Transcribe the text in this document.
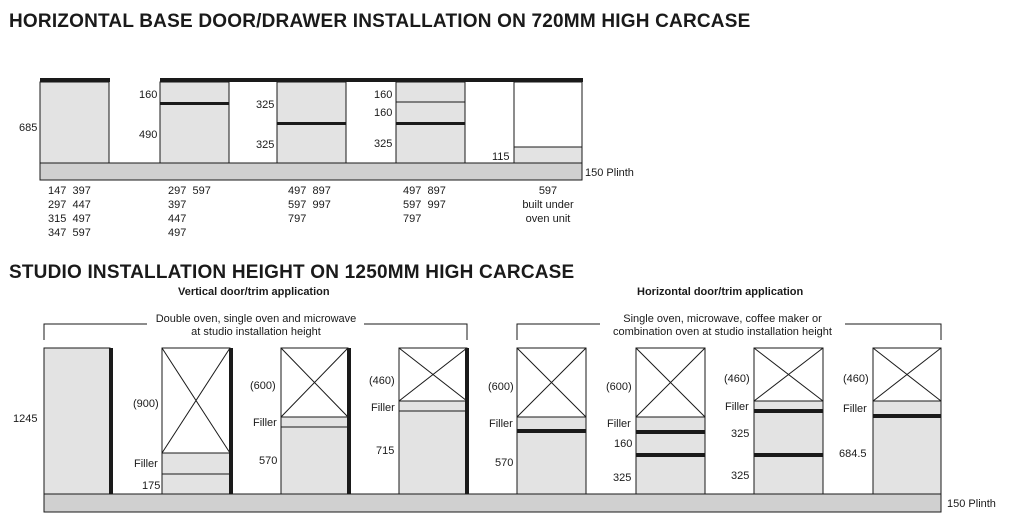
HORIZONTAL BASE DOOR/DRAWER INSTALLATION ON 720MM HIGH CARCASE
STUDIO INSTALLATION HEIGHT ON 1250MM HIGH CARCASE
Vertical door/trim application	Horizontal door/trim application
Double oven, single oven and microwave
at studio installation height
Single oven, microwave, coffee maker or
combination oven at studio installation height
685
150 Plinth
160
490
325
325
160
160
325
115
147  397
297  447
315  497
347  597
297  597
397
447
497
497  897
597  997
797
497  897
597  997
797
597
built under
oven unit
1245
150 Plinth
(900)
Filler
175
(600)
Filler
570
(460)
Filler
715
(600)
Filler
570
(600)
Filler
160
325
(460)
Filler
325
325
(460)
Filler
684.5
